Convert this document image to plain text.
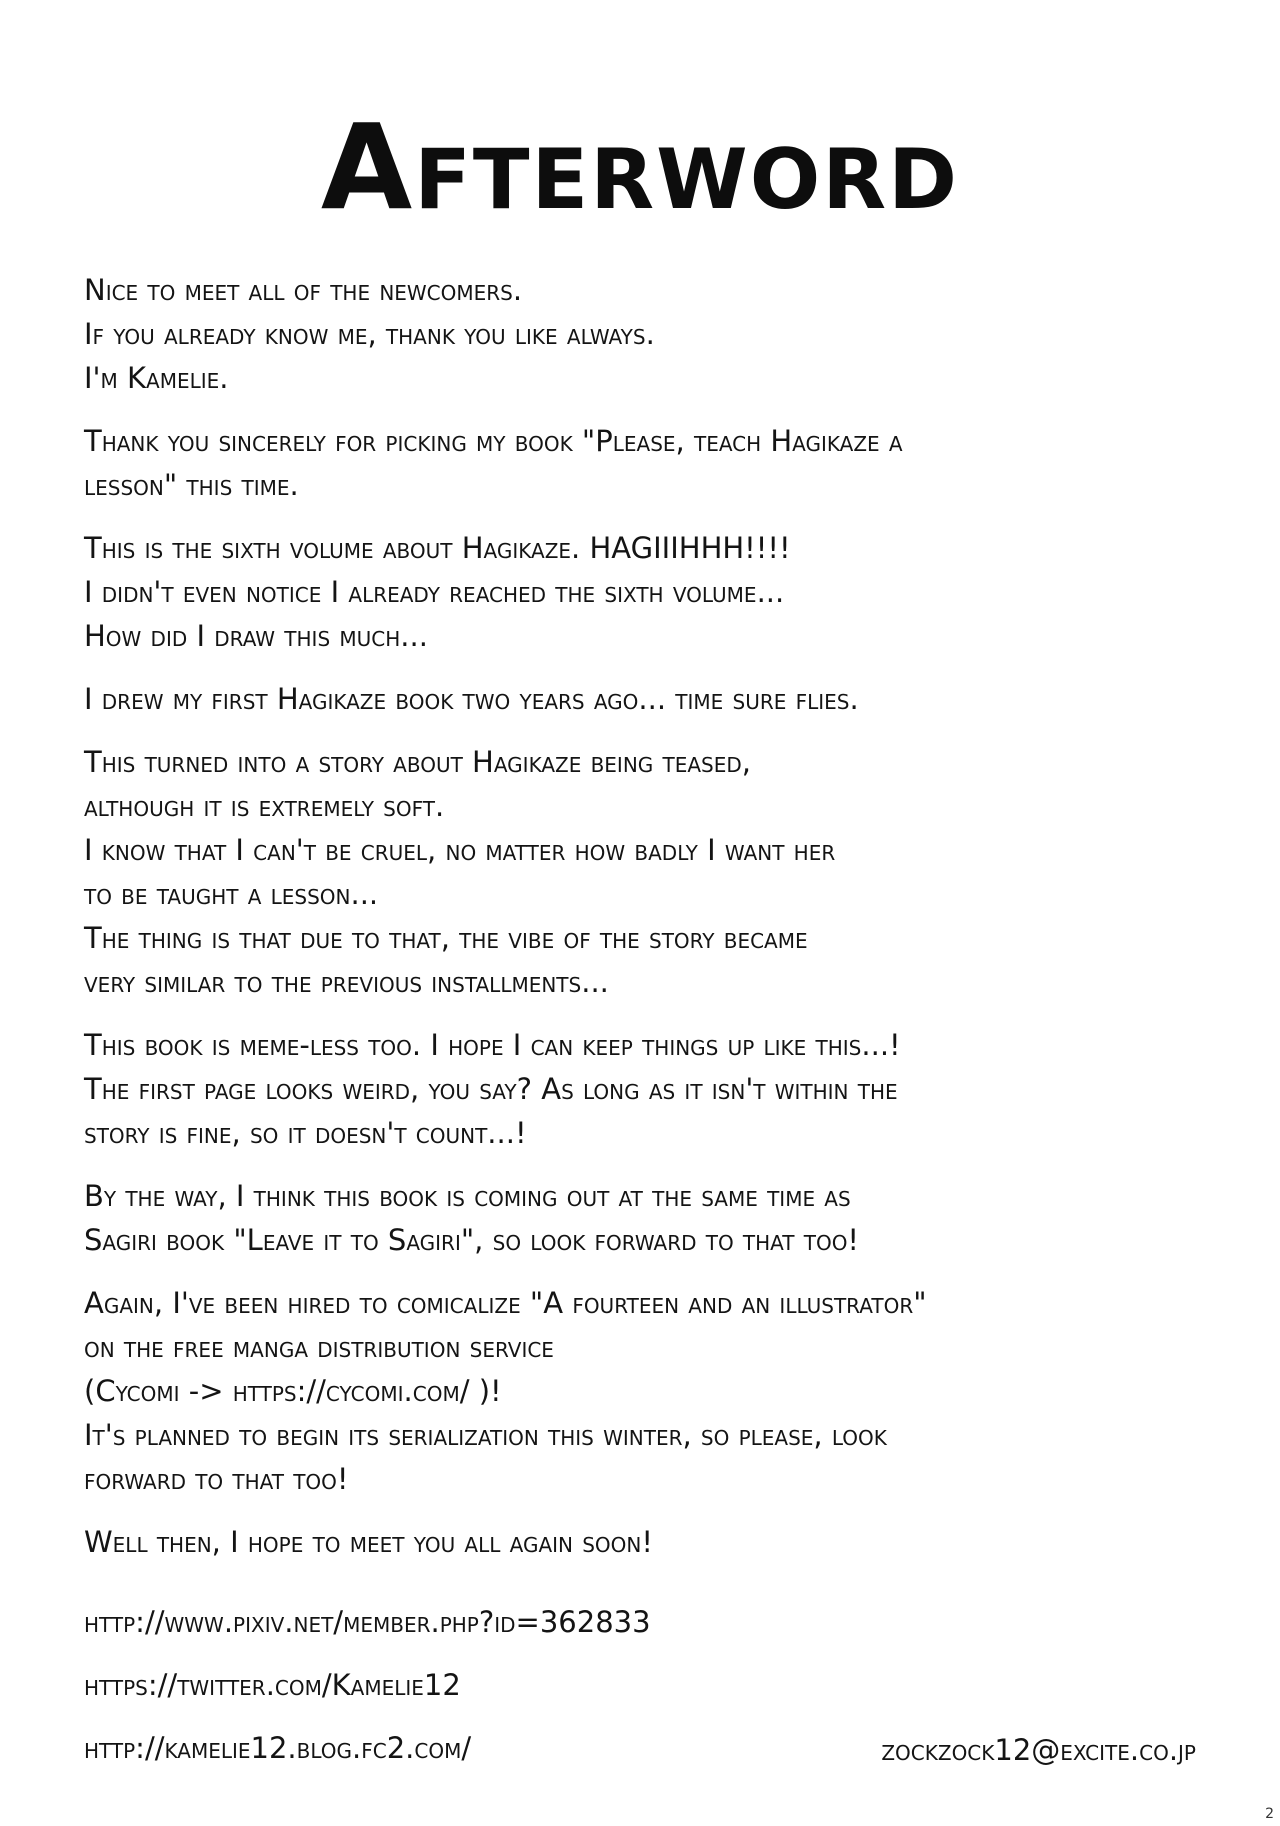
Afterword
Nice to meet all of the newcomers.
If you already know me, thank you like always.
I'm Kamelie.
Thank you sincerely for picking my book "Please, teach Hagikaze a
lesson" this time.
This is the sixth volume about Hagikaze. HAGIIIHHH!!!!
I didn't even notice I already reached the sixth volume...
How did I draw this much...
I drew my first Hagikaze book two years ago... time sure flies.
This turned into a story about Hagikaze being teased,
although it is extremely soft.
I know that I can't be cruel, no matter how badly I want her
to be taught a lesson...
The thing is that due to that, the vibe of the story became
very similar to the previous installments...
This book is meme-less too. I hope I can keep things up like this...!
The first page looks weird, you say? As long as it isn't within the
story is fine, so it doesn't count...!
By the way, I think this book is coming out at the same time as
Sagiri book "Leave it to Sagiri", so look forward to that too!
Again, I've been hired to comicalize "A fourteen and an illustrator"
on the free manga distribution service
(Cycomi -> https://cycomi.com/ )!
It's planned to begin its serialization this winter, so please, look
forward to that too!
Well then, I hope to meet you all again soon!
http://www.pixiv.net/member.php?id=362833
https://twitter.com/Kamelie12
http://kamelie12.blog.fc2.com/	zockzock12@excite.co.jp
2
